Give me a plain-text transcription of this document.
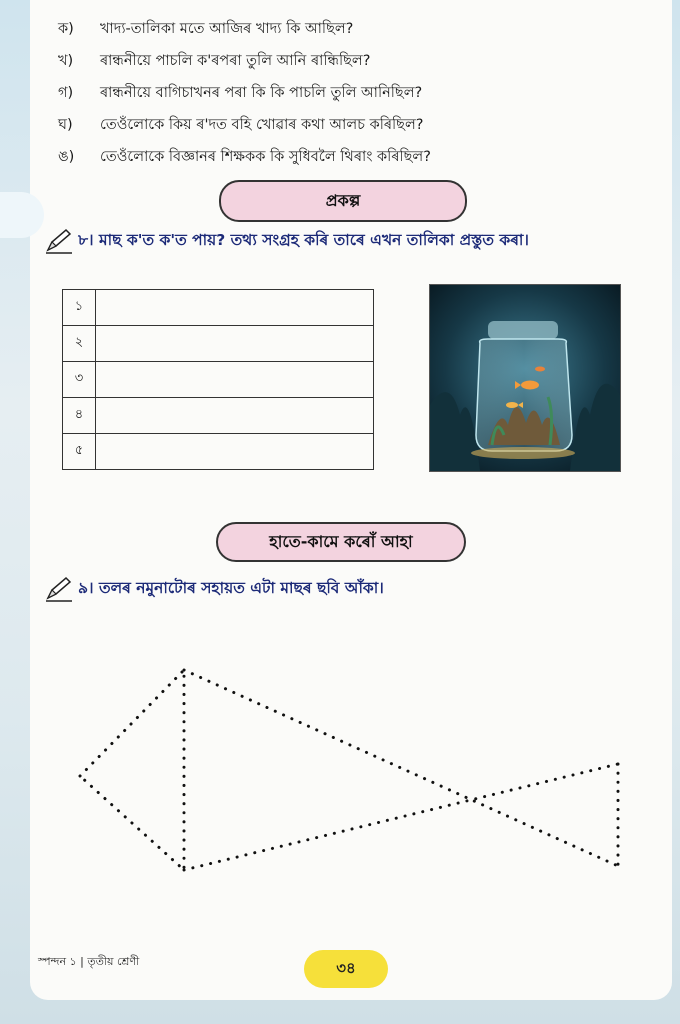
ক)	খাদ্য-তালিকা মতে আজিৰ খাদ্য কি আছিল?
খ)	ৰান্ধনীয়ে পাচলি ক'ৰপৰা তুলি আনি ৰান্ধিছিল?
গ)	ৰান্ধনীয়ে বাগিচাখনৰ পৰা কি কি পাচলি তুলি আনিছিল?
ঘ)	তেওঁলোকে কিয় ৰ'দত বহি খোৱাৰ কথা আলচ কৰিছিল?
ঙ)	তেওঁলোকে বিজ্ঞানৰ শিক্ষকক কি সুধিবলৈ থিৰাং কৰিছিল?
প্ৰকল্প
৮। মাছ ক'ত ক'ত পায়? তথ্য সংগ্ৰহ কৰি তাৰে এখন তালিকা প্ৰস্তুত কৰা।
১	
২	
৩	
৪	
৫	
হাতে-কামে কৰোঁ আহা
৯। তলৰ নমুনাটোৰ সহায়ত এটা মাছৰ ছবি আঁকা।
স্পন্দন ১ | তৃতীয় শ্ৰেণী	৩৪
